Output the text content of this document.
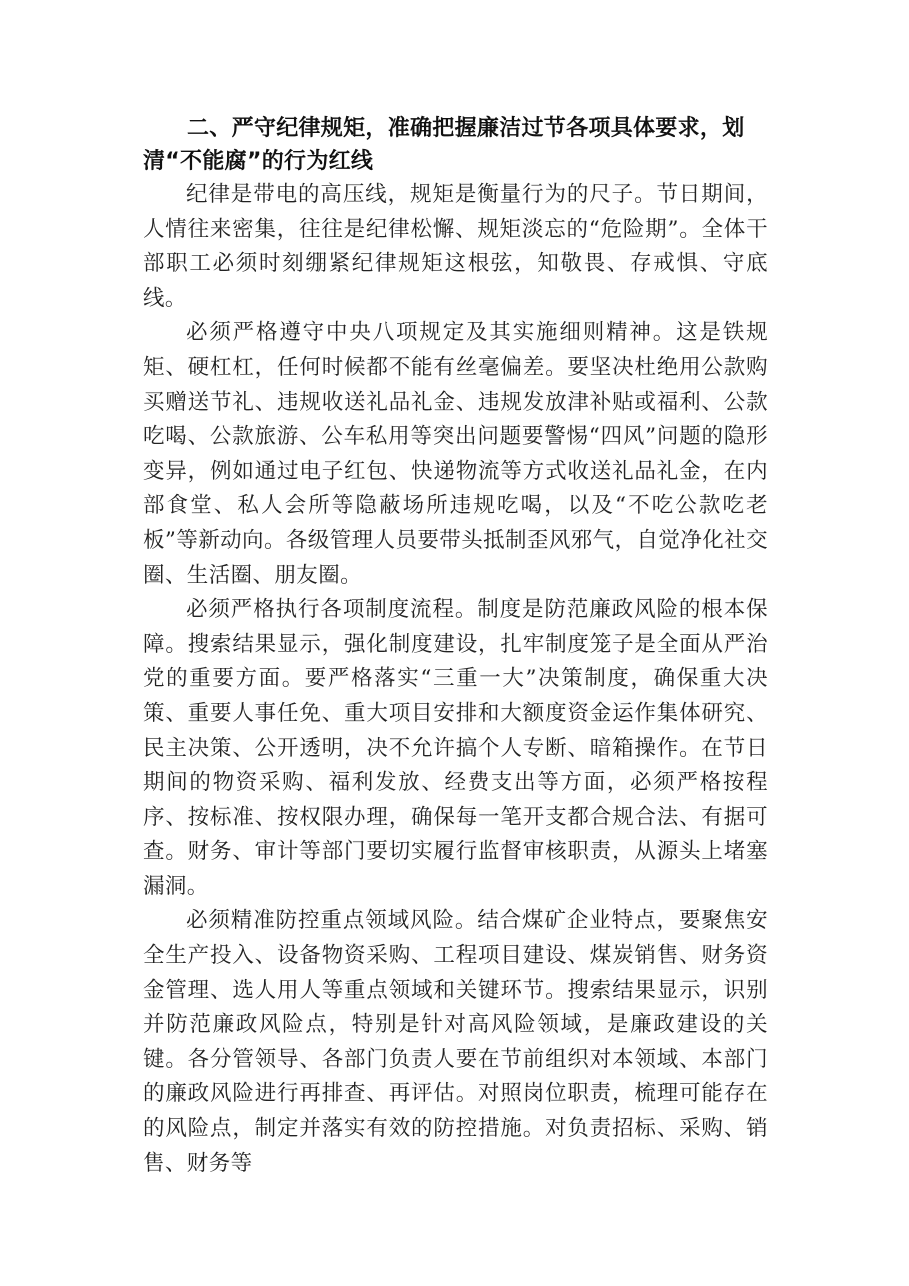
二、严守纪律规矩，准确把握廉洁过节各项具体要求，划清“不能腐”的行为红线

纪律是带电的高压线，规矩是衡量行为的尺子。节日期间，人情往来密集，往往是纪律松懈、规矩淡忘的“危险期”。全体干部职工必须时刻绷紧纪律规矩这根弦，知敬畏、存戒惧、守底线。

必须严格遵守中央八项规定及其实施细则精神。这是铁规矩、硬杠杠，任何时候都不能有丝毫偏差。要坚决杜绝用公款购买赠送节礼、违规收送礼品礼金、违规发放津补贴或福利、公款吃喝、公款旅游、公车私用等突出问题要警惕“四风”问题的隐形变异，例如通过电子红包、快递物流等方式收送礼品礼金，在内部食堂、私人会所等隐蔽场所违规吃喝，以及“不吃公款吃老板”等新动向。各级管理人员要带头抵制歪风邪气，自觉净化社交圈、生活圈、朋友圈。

必须严格执行各项制度流程。制度是防范廉政风险的根本保障。搜索结果显示，强化制度建设，扎牢制度笼子是全面从严治党的重要方面。要严格落实“三重一大”决策制度，确保重大决策、重要人事任免、重大项目安排和大额度资金运作集体研究、民主决策、公开透明，决不允许搞个人专断、暗箱操作。在节日期间的物资采购、福利发放、经费支出等方面，必须严格按程序、按标准、按权限办理，确保每一笔开支都合规合法、有据可查。财务、审计等部门要切实履行监督审核职责，从源头上堵塞漏洞。

必须精准防控重点领域风险。结合煤矿企业特点，要聚焦安全生产投入、设备物资采购、工程项目建设、煤炭销售、财务资金管理、选人用人等重点领域和关键环节。搜索结果显示，识别并防范廉政风险点，特别是针对高风险领域，是廉政建设的关键。各分管领导、各部门负责人要在节前组织对本领域、本部门的廉政风险进行再排查、再评估。对照岗位职责，梳理可能存在的风险点，制定并落实有效的防控措施。对负责招标、采购、销售、财务等
